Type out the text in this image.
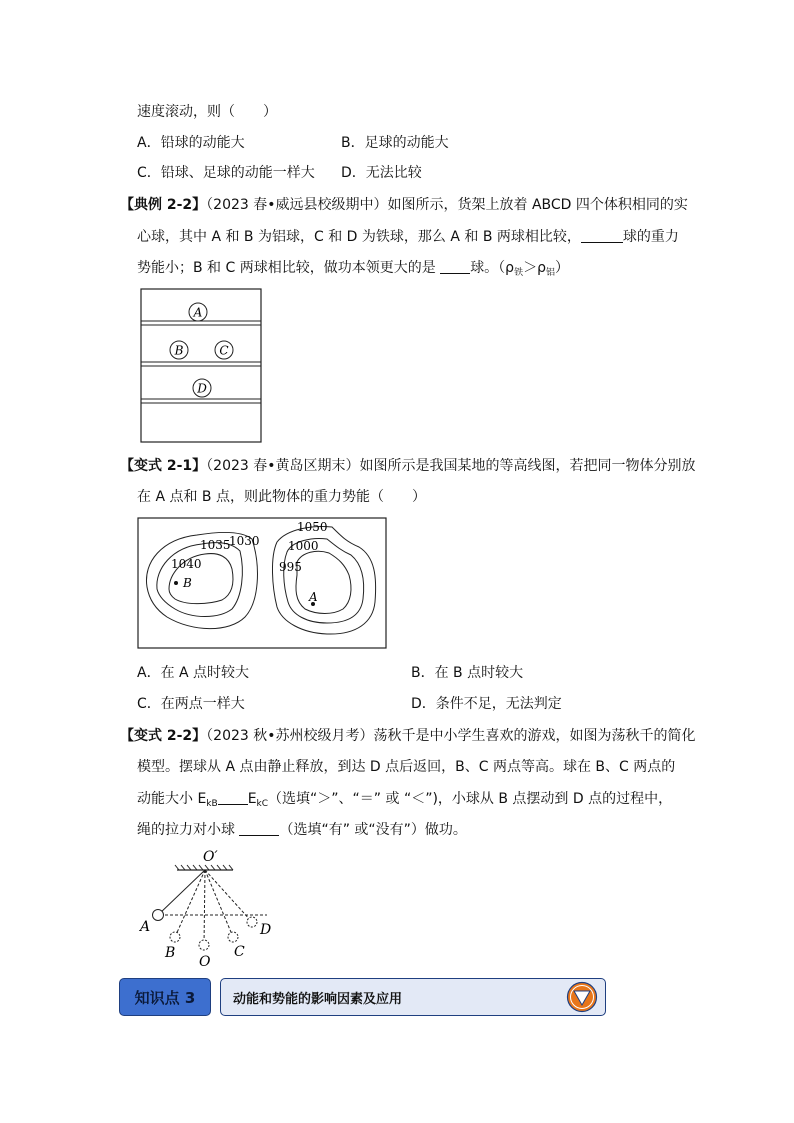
速度滚动，则（　　）
A．铅球的动能大	B．足球的动能大
C．铅球、足球的动能一样大 D．无法比较
【典例 2-2】（2023 春•威远县校级期中）如图所示，货架上放着 ABCD 四个体积相同的实
心球，其中 A 和 B 为铝球，C 和 D 为铁球，那么 A 和 B 两球相比较，	球的重力
势能小；B 和 C 两球相比较，做功本领更大的是 球。$(\rho_铁>\rho_铝)$
A
B	C
D
【变式 2-1】（2023 春•黄岛区期末）如图所示是我国某地的等高线图，若把同一物体分别放
在 A 点和 B 点，则此物体的重力势能（　　）
1035
1030
1040
1050
1000
995
B
A
A．在 A 点时较大	B．在 B 点时较大
C．在两点一样大	D．条件不足，无法判定
【变式 2-2】（2023 秋•苏州校级月考）荡秋千是中小学生喜欢的游戏，如图为荡秋千的简化
模型。摆球从 A 点由静止释放，到达 D 点后返回，B、C 两点等高。球在 B、C 两点的
动能大小 $E_{kB}$ $E_{kC}$（选填“＞”、“＝” 或 “＜”)，小球从 B 点摆动到 D 点的过程中，
绳的拉力对小球	（选填“有” 或“没有”）做功。
O′
A
B
O
C
D
知识点 3	动能和势能的影响因素及应用
